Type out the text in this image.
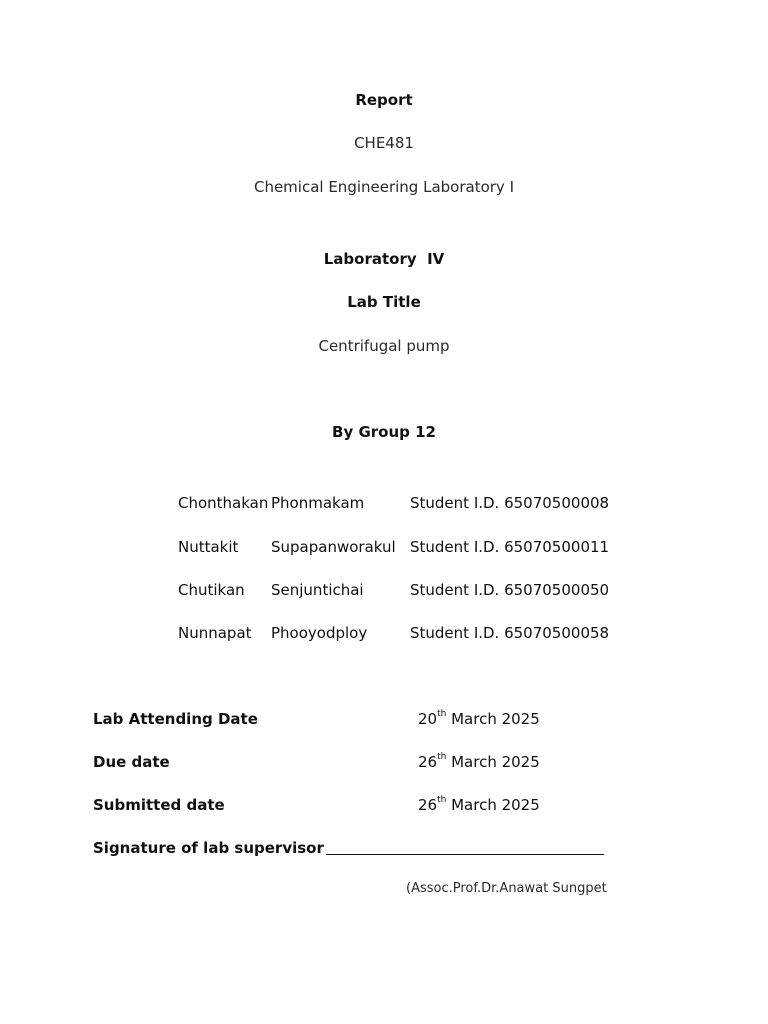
Report
CHE481
Chemical Engineering Laboratory I
Laboratory  IV
Lab Title
Centrifugal pump
By Group 12
Chonthakan Phonmakam	Student I.D. 65070500008
Nuttakit Supapanworakul Student I.D. 65070500011
Chutikan Senjuntichai	Student I.D. 65070500050
Nunnapat Phooyodploy	Student I.D. 65070500058
Lab Attending Date	20th March 2025
Due date	26th March 2025
Submitted date	26th March 2025
Signature of lab supervisor
(Assoc.Prof.Dr.Anawat Sungpet
